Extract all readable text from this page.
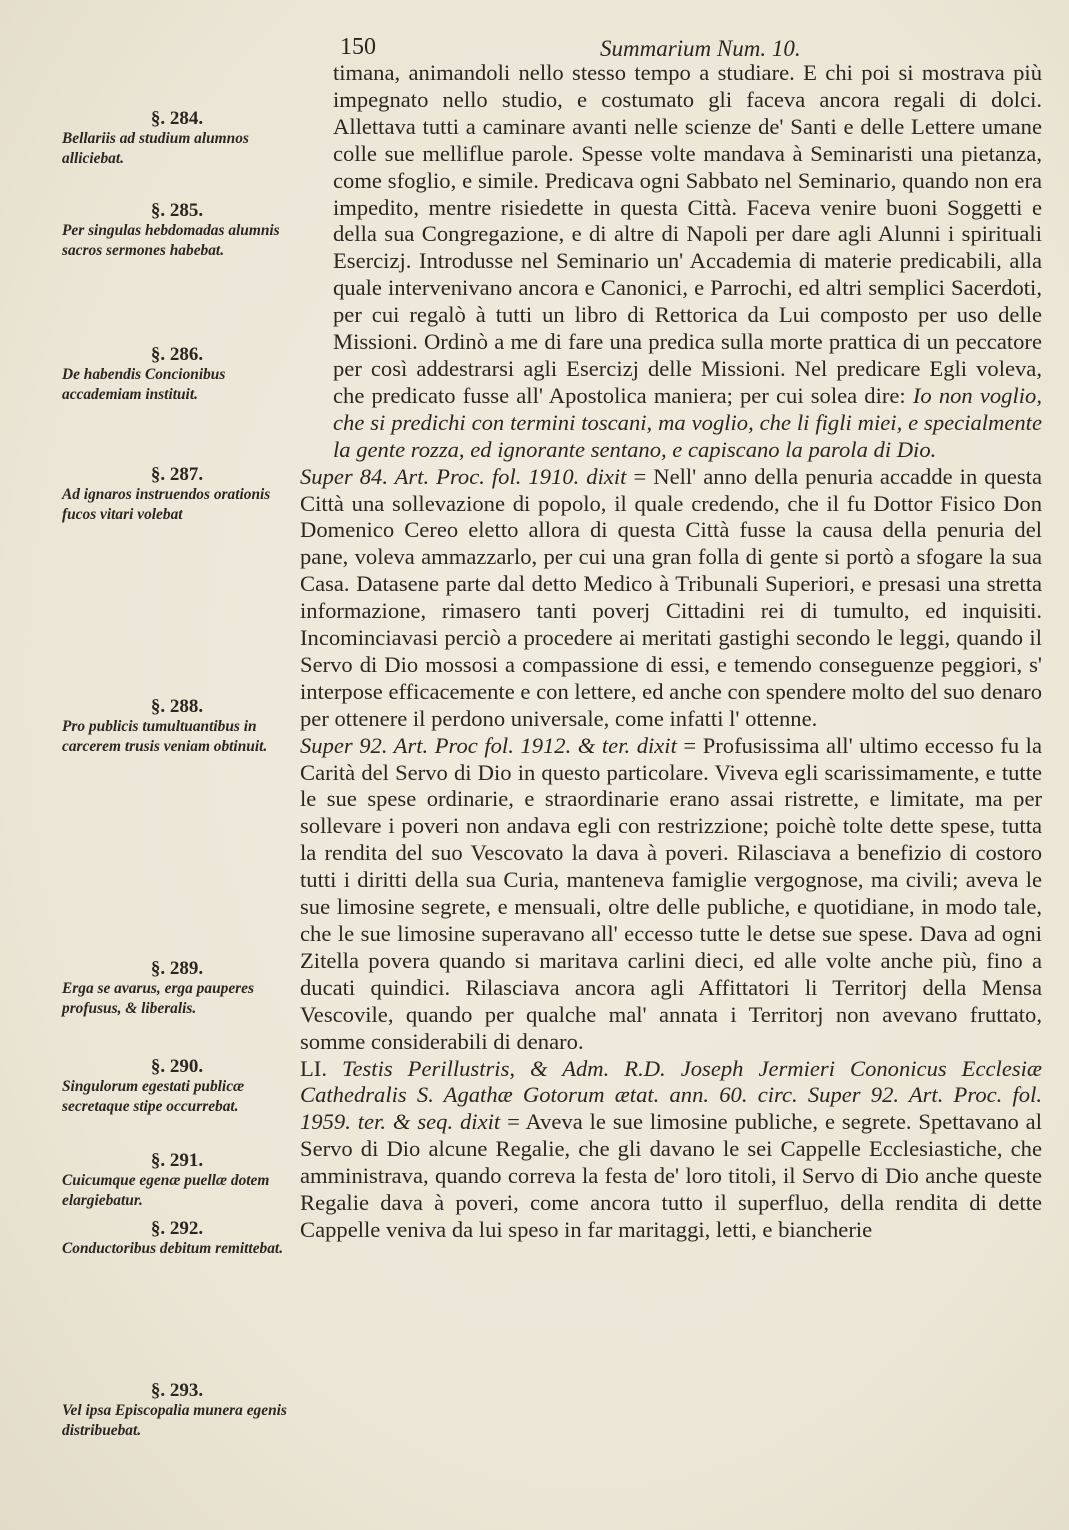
150	Summarium Num. 10.
§. 284.
Bellariis ad studium alumnos alliciebat.
§. 285.
Per singulas hebdomadas alumnis sacros sermones habebat.
§. 286.
De habendis Concionibus accademiam instituit.
§. 287.
Ad ignaros instruendos orationis fucos vitari volebat
§. 288.
Pro publicis tumultuantibus in carcerem trusis veniam obtinuit.
§. 289.
Erga se avarus, erga pauperes profusus, & liberalis.
§. 290.
Singulorum egestati publicæ secretaque stipe occurrebat.
§. 291.
Cuicumque egenæ puellæ dotem elargiebatur.
§. 292.
Conductoribus debitum remittebat.
§. 293.
Vel ipsa Episcopalia munera egenis distribuebat.

timana, animandoli nello stesso tempo a studiare. E chi poi si mostrava più impegnato nello studio, e costumato gli faceva ancora regali di dolci. Allettava tutti a caminare avanti nelle scienze de' Santi e delle Lettere umane colle sue melliflue parole. Spesse volte mandava à Seminaristi una pietanza, come sfoglio, e simile. Predicava ogni Sabbato nel Seminario, quando non era impedito, mentre risiedette in questa Città. Faceva venire buoni Soggetti e della sua Congregazione, e di altre di Napoli per dare agli Alunni i spirituali Esercizj. Introdusse nel Seminario un' Accademia di materie predicabili, alla quale intervenivano ancora e Canonici, e Parrochi, ed altri semplici Sacerdoti, per cui regalò à tutti un libro di Rettorica da Lui composto per uso delle Missioni. Ordinò a me di fare una predica sulla morte prattica di un peccatore per così addestrarsi agli Esercizj delle Missioni. Nel predicare Egli voleva, che predicato fusse all' Apostolica maniera; per cui solea dire: Io non voglio, che si predichi con termini toscani, ma voglio, che li figli miei, e specialmente la gente rozza, ed ignorante sentano, e capiscano la parola di Dio.

Super 84. Art. Proc. fol. 1910. dixit = Nell' anno della penuria accadde in questa Città una sollevazione di popolo, il quale credendo, che il fu Dottor Fisico Don Domenico Cereo eletto allora di questa Città fusse la causa della penuria del pane, voleva ammazzarlo, per cui una gran folla di gente si portò a sfogare la sua Casa. Datasene parte dal detto Medico à Tribunali Superiori, e presasi una stretta informazione, rimasero tanti poverj Cittadini rei di tumulto, ed inquisiti. Incominciavasi perciò a procedere ai meritati gastighi secondo le leggi, quando il Servo di Dio mossosi a compassione di essi, e temendo conseguenze peggiori, s' interpose efficacemente e con lettere, ed anche con spendere molto del suo denaro per ottenere il perdono universale, come infatti l' ottenne.

Super 92. Art. Proc fol. 1912. & ter. dixit = Profusissima all' ultimo eccesso fu la Carità del Servo di Dio in questo particolare. Viveva egli scarissimamente, e tutte le sue spese ordinarie, e straordinarie erano assai ristrette, e limitate, ma per sollevare i poveri non andava egli con restrizzione; poichè tolte dette spese, tutta la rendita del suo Vescovato la dava à poveri. Rilasciava a benefizio di costoro tutti i diritti della sua Curia, manteneva famiglie vergognose, ma civili; aveva le sue limosine segrete, e mensuali, oltre delle publiche, e quotidiane, in modo tale, che le sue limosine superavano all' eccesso tutte le detse sue spese. Dava ad ogni Zitella povera quando si maritava carlini dieci, ed alle volte anche più, fino a ducati quindici. Rilasciava ancora agli Affittatori li Territorj della Mensa Vescovile, quando per qualche mal' annata i Territorj non avevano fruttato, somme considerabili di denaro.

LI. Testis Perillustris, & Adm. R.D. Joseph Jermieri Cononicus Ecclesiæ Cathedralis S. Agathæ Gotorum ætat. ann. 60. circ. Super 92. Art. Proc. fol. 1959. ter. & seq. dixit = Aveva le sue limosine publiche, e segrete. Spettavano al Servo di Dio alcune Regalie, che gli davano le sei Cappelle Ecclesiastiche, che amministrava, quando correva la festa de' loro titoli, il Servo di Dio anche queste Regalie dava à poveri, come ancora tutto il superfluo, della rendita di dette Cappelle veniva da lui speso in far maritaggi, letti, e biancherie
